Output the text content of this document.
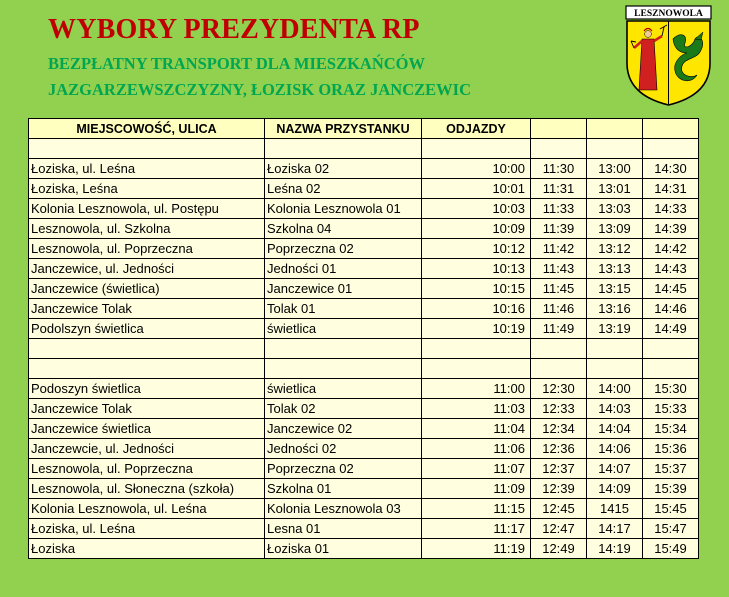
WYBORY PREZYDENTA RP

BEZPŁATNY TRANSPORT DLA MIESZKAŃCÓW

JAZGARZEWSZCZYZNY, ŁOZISK ORAZ JANCZEWIC

LESZNOWOLA
MIEJSCOWOŚĆ, ULICA	NAZWA PRZYSTANKU	ODJAZDY			

Łoziska, ul. Leśna	Łoziska 02	10:00	11:30	13:00	14:30
Łoziska, Leśna	Leśna 02	10:01	11:31	13:01	14:31
Kolonia Lesznowola, ul. Postępu	Kolonia Lesznowola 01	10:03	11:33	13:03	14:33
Lesznowola, ul. Szkolna	Szkolna 04	10:09	11:39	13:09	14:39
Lesznowola, ul. Poprzeczna	Poprzeczna 02	10:12	11:42	13:12	14:42
Janczewice, ul. Jedności	Jedności 01	10:13	11:43	13:13	14:43
Janczewice (świetlica)	Janczewice 01	10:15	11:45	13:15	14:45
Janczewice Tolak	Tolak 01	10:16	11:46	13:16	14:46
Podolszyn świetlica	świetlica	10:19	11:49	13:19	14:49

Podoszyn świetlica	świetlica	11:00	12:30	14:00	15:30
Janczewice Tolak	Tolak 02	11:03	12:33	14:03	15:33
Janczewice świetlica	Janczewice 02	11:04	12:34	14:04	15:34
Janczewcie, ul. Jedności	Jedności 02	11:06	12:36	14:06	15:36
Lesznowola, ul. Poprzeczna	Poprzeczna 02	11:07	12:37	14:07	15:37
Lesznowola, ul. Słoneczna (szkoła)	Szkolna 01	11:09	12:39	14:09	15:39
Kolonia Lesznowola, ul. Leśna	Kolonia Lesznowola 03	11:15	12:45	1415	15:45
Łoziska, ul. Leśna	Lesna 01	11:17	12:47	14:17	15:47
Łoziska	Łoziska 01	11:19	12:49	14:19	15:49
